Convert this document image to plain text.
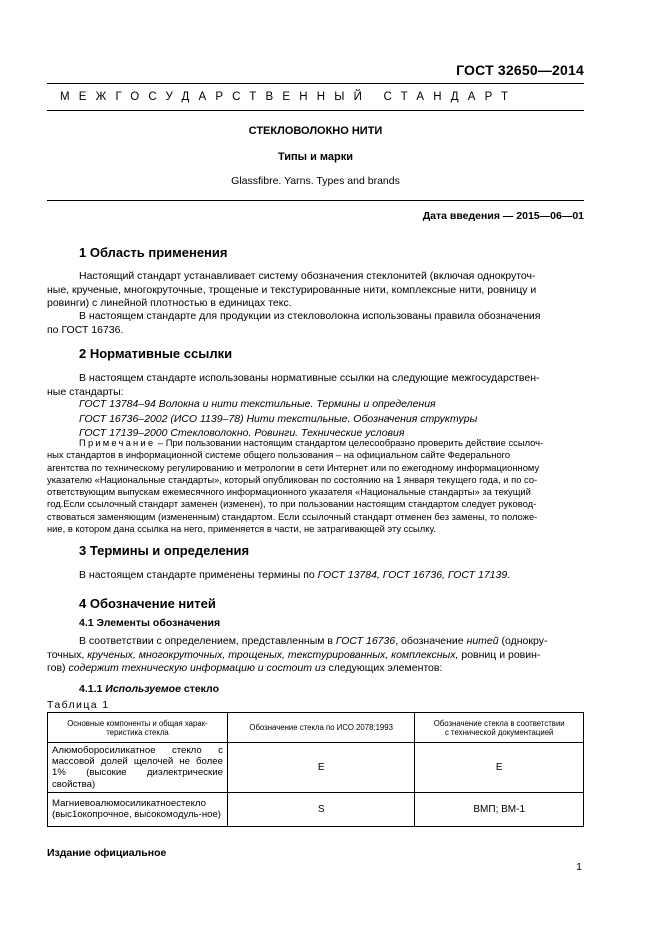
ГОСТ 32650—2014
МЕЖГОСУДАРСТВЕННЫЙ СТАНДАРТ
СТЕКЛОВОЛОКНО НИТИ
Типы и марки
Glassfibre. Yarns. Types and brands
Дата введения — 2015—06—01
1 Область применения
Настоящий стандарт устанавливает систему обозначения стеклонитей (включая однокруточ-
ные, крученые, многокруточные, трощеные и текстурированные нити, комплексные нити, ровницу и
ровинги) с линейной плотностью в единицах текс.
В настоящем стандарте для продукции из стекловолокна использованы правила обозначения
по ГОСТ 16736.
2 Нормативные ссылки
В настоящем стандарте использованы нормативные ссылки на следующие межгосударствен-
ные стандарты:
ГОСТ 13784–94 Волокна и нити текстильные. Термины и определения
ГОСТ 16736–2002 (ИСО 1139–78) Нити текстильные. Обозначения структуры
ГОСТ 17139–2000 Стекловолокно. Ровинги. Технические условия
Примечание – При пользовании настоящим стандартом целесообразно проверить действие ссылоч-
ных стандартов в информационной системе общего пользования – на официальном сайте Федерального
агентства по техническому регулированию и метрологии в сети Интернет или по ежегодному информационному
указателю «Национальные стандарты», который опубликован по состоянию на 1 января текущего года, и по со-
ответствующим выпускам ежемесячного информационного указателя «Национальные стандарты» за текущий
год.Если ссылочный стандарт заменен (изменен), то при пользовании настоящим стандартом следует руковод-
ствоваться заменяющим (измененным) стандартом. Если ссылочный стандарт отменен без замены, то положе-
ние, в котором дана ссылка на него, применяется в части, не затрагивающей эту ссылку.
3 Термины и определения
В настоящем стандарте применены термины по ГОСТ 13784, ГОСТ 16736, ГОСТ 17139.
4 Обозначение нитей
4.1 Элементы обозначения
В соответствии с определением, представленным в ГОСТ 16736, обозначение нитей (однокру-
точных, крученых, многокруточных, трощеных, текстурированных, комплексных, ровниц и ровин-
гов) содержит техническую информацию и состоит из следующих элементов:
4.1.1 Используемое стекло
Таблица 1
Основные компоненты и общая харак-
теристика стекла	Обозначение стекла по ИСО 2078:1993	Обозначение стекла в соответствии
с технической документацией
Алюмоборосиликатное стекло с массовой долей щелочей не более 1% (высокие диэлектрические свойства)	E	E
Магниевоалюмосиликатноестекло (выс1окопрочное, высокомодуль-ное)	S	ВМП; ВМ-1
Издание официальное
1
